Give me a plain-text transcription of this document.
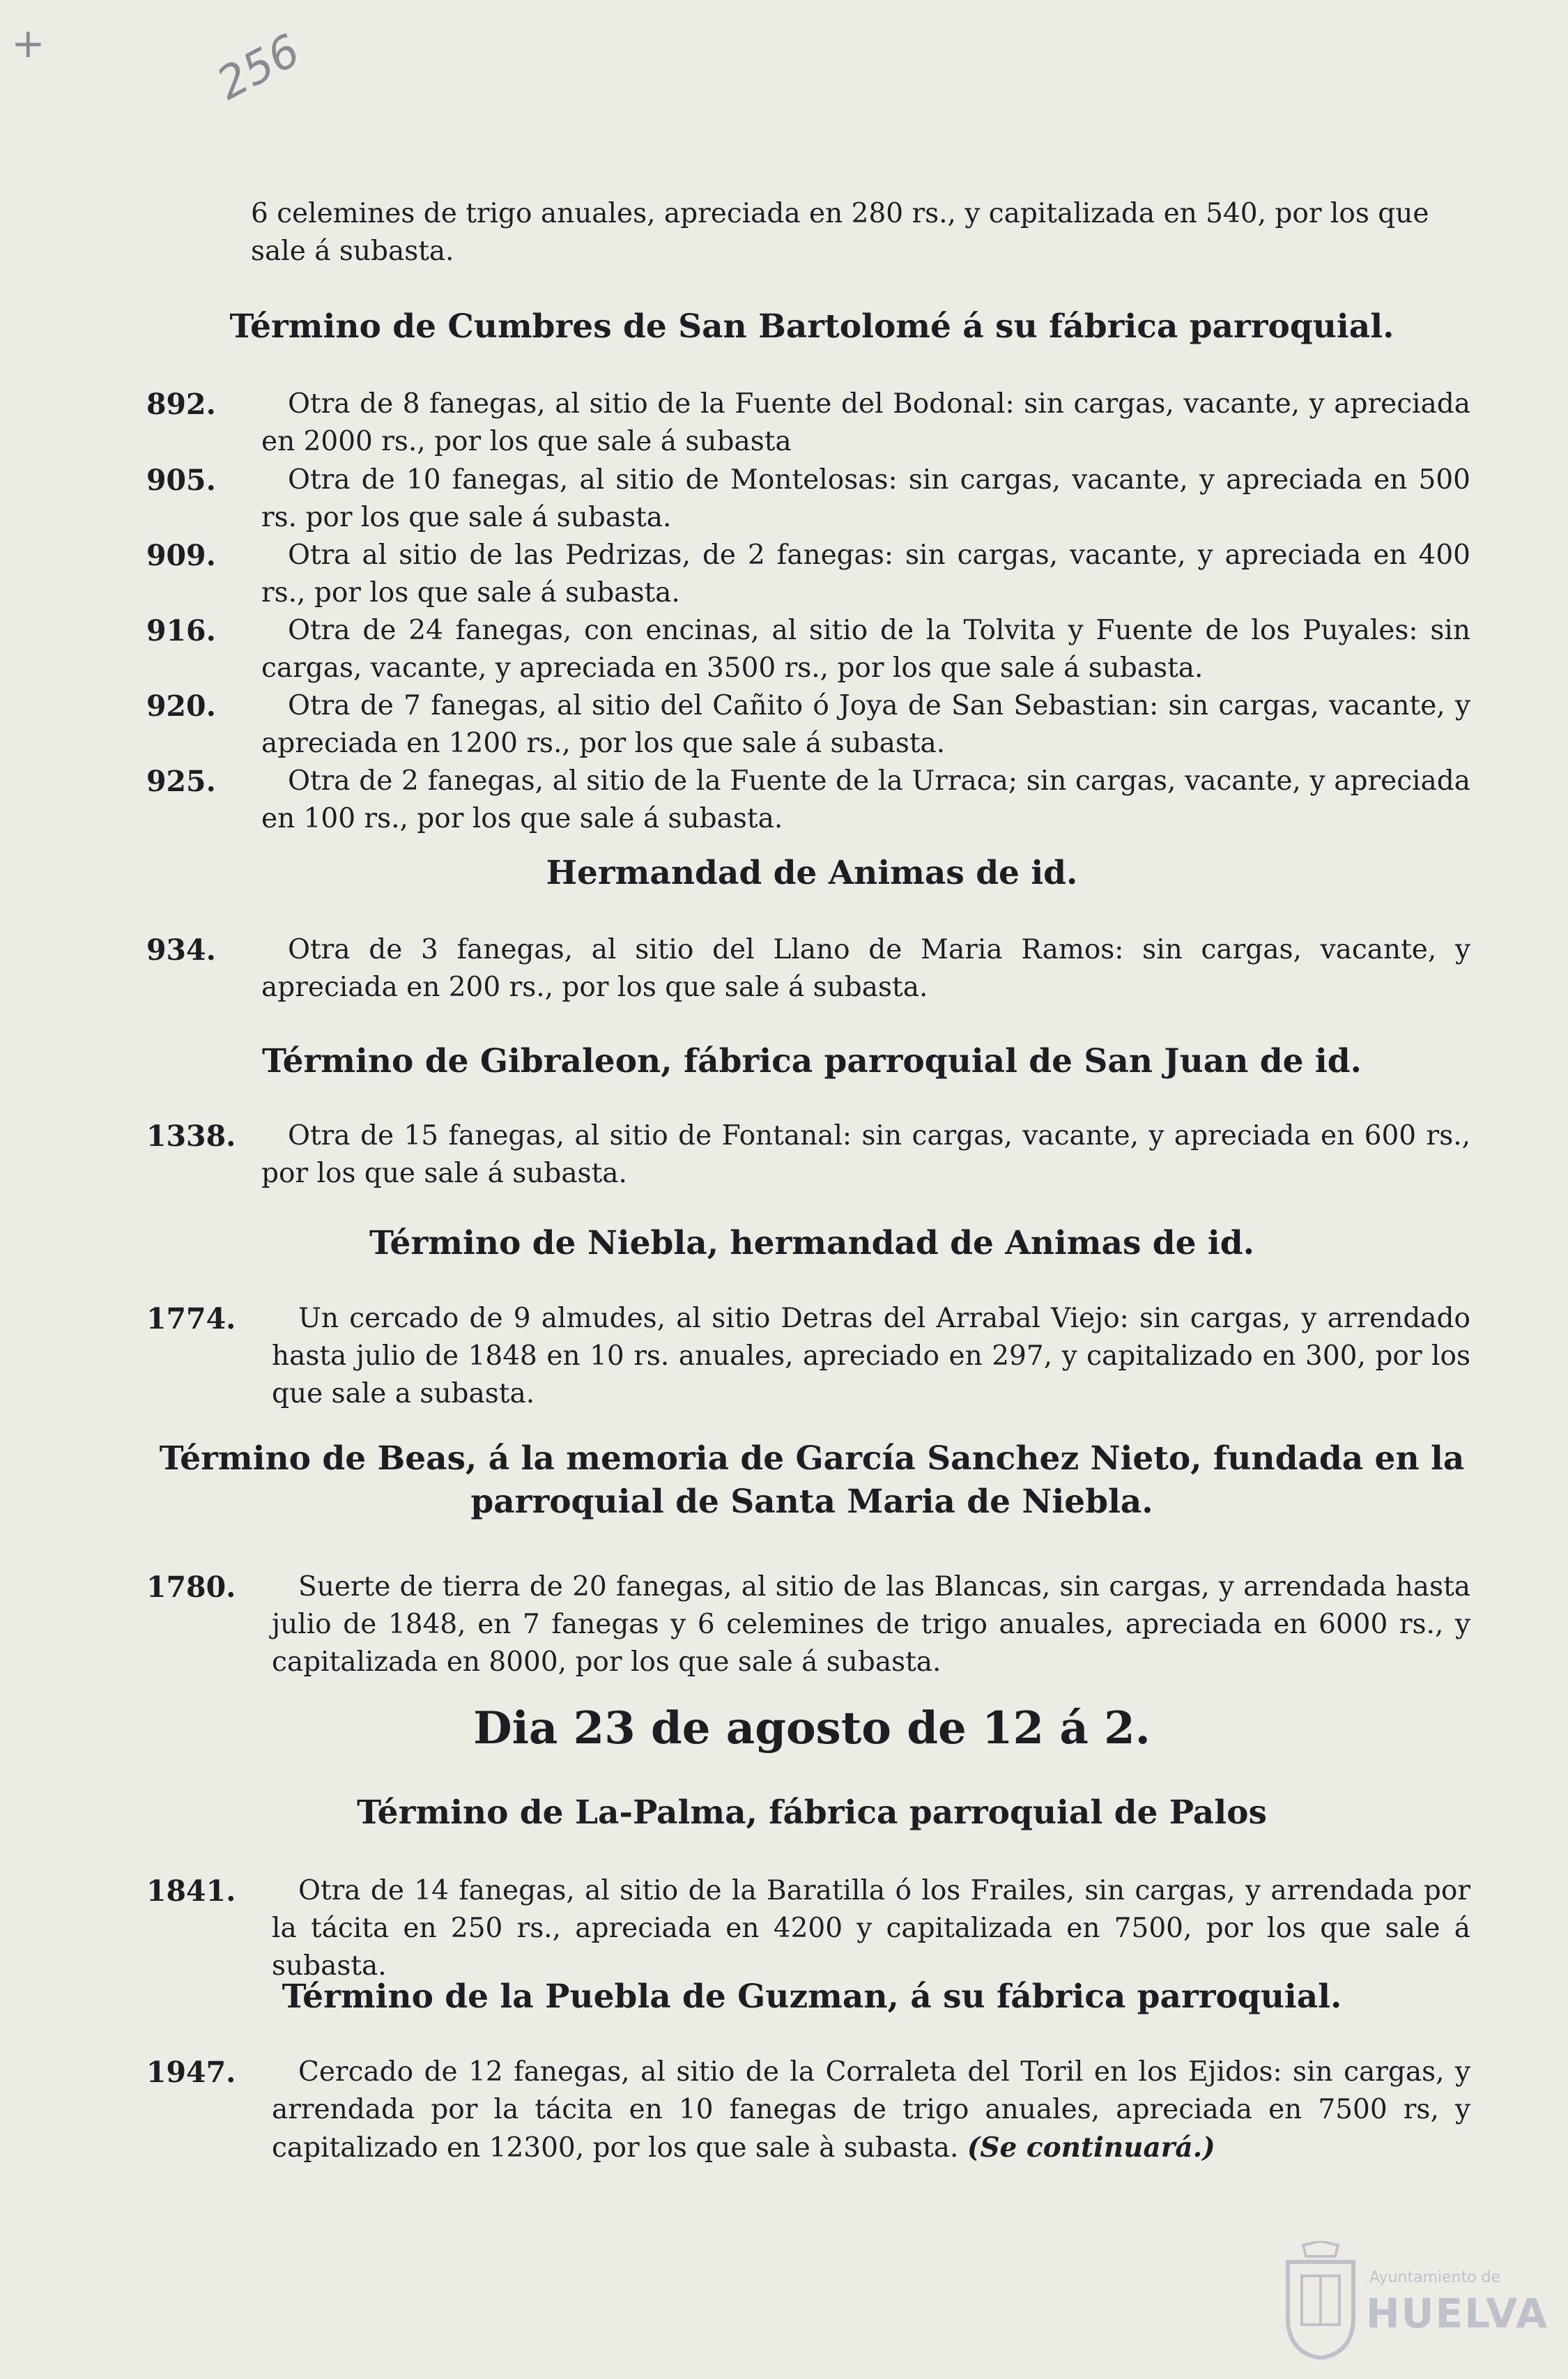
+	256
6 celemines de trigo anuales, apreciada en 280 rs., y capitalizada en 540, por los que sale á subasta.
Término de Cumbres de San Bartolomé á su fábrica parroquial.
892.	Otra de 8 fanegas, al sitio de la Fuente del Bodonal: sin cargas, vacante, y apreciada en 2000 rs., por los que sale á subasta
905.	Otra de 10 fanegas, al sitio de Montelosas: sin cargas, vacante, y apreciada en 500 rs. por los que sale á subasta.
909.	Otra al sitio de las Pedrizas, de 2 fanegas: sin cargas, vacante, y apreciada en 400 rs., por los que sale á subasta.
916.	Otra de 24 fanegas, con encinas, al sitio de la Tolvita y Fuente de los Puyales: sin cargas, vacante, y apreciada en 3500 rs., por los que sale á subasta.
920.	Otra de 7 fanegas, al sitio del Cañito ó Joya de San Sebastian: sin cargas, vacante, y apreciada en 1200 rs., por los que sale á subasta.
925.	Otra de 2 fanegas, al sitio de la Fuente de la Urraca; sin cargas, vacante, y apreciada en 100 rs., por los que sale á subasta.
Hermandad de Animas de id.
934.	Otra de 3 fanegas, al sitio del Llano de Maria Ramos: sin cargas, vacante, y apreciada en 200 rs., por los que sale á subasta.
Término de Gibraleon, fábrica parroquial de San Juan de id.
1338.	Otra de 15 fanegas, al sitio de Fontanal: sin cargas, vacante, y apreciada en 600 rs., por los que sale á subasta.
Término de Niebla, hermandad de Animas de id.
1774.	Un cercado de 9 almudes, al sitio Detras del Arrabal Viejo: sin cargas, y arrendado hasta julio de 1848 en 10 rs. anuales, apreciado en 297, y capitalizado en 300, por los que sale a subasta.
Término de Beas, á la memoria de García Sanchez Nieto, fundada en la parroquial de Santa Maria de Niebla.
1780.	Suerte de tierra de 20 fanegas, al sitio de las Blancas, sin cargas, y arrendada hasta julio de 1848, en 7 fanegas y 6 celemines de trigo anuales, apreciada en 6000 rs., y capitalizada en 8000, por los que sale á subasta.
Dia 23 de agosto de 12 á 2.
Término de La-Palma, fábrica parroquial de Palos
1841.	Otra de 14 fanegas, al sitio de la Baratilla ó los Frailes, sin cargas, y arrendada por la tácita en 250 rs., apreciada en 4200 y capitalizada en 7500, por los que sale á subasta.
Término de la Puebla de Guzman, á su fábrica parroquial.
1947.	Cercado de 12 fanegas, al sitio de la Corraleta del Toril en los Ejidos: sin cargas, y arrendada por la tácita en 10 fanegas de trigo anuales, apreciada en 7500 rs, y capitalizado en 12300, por los que sale à subasta. (Se continuará.)
Ayuntamiento de
HUELVA
